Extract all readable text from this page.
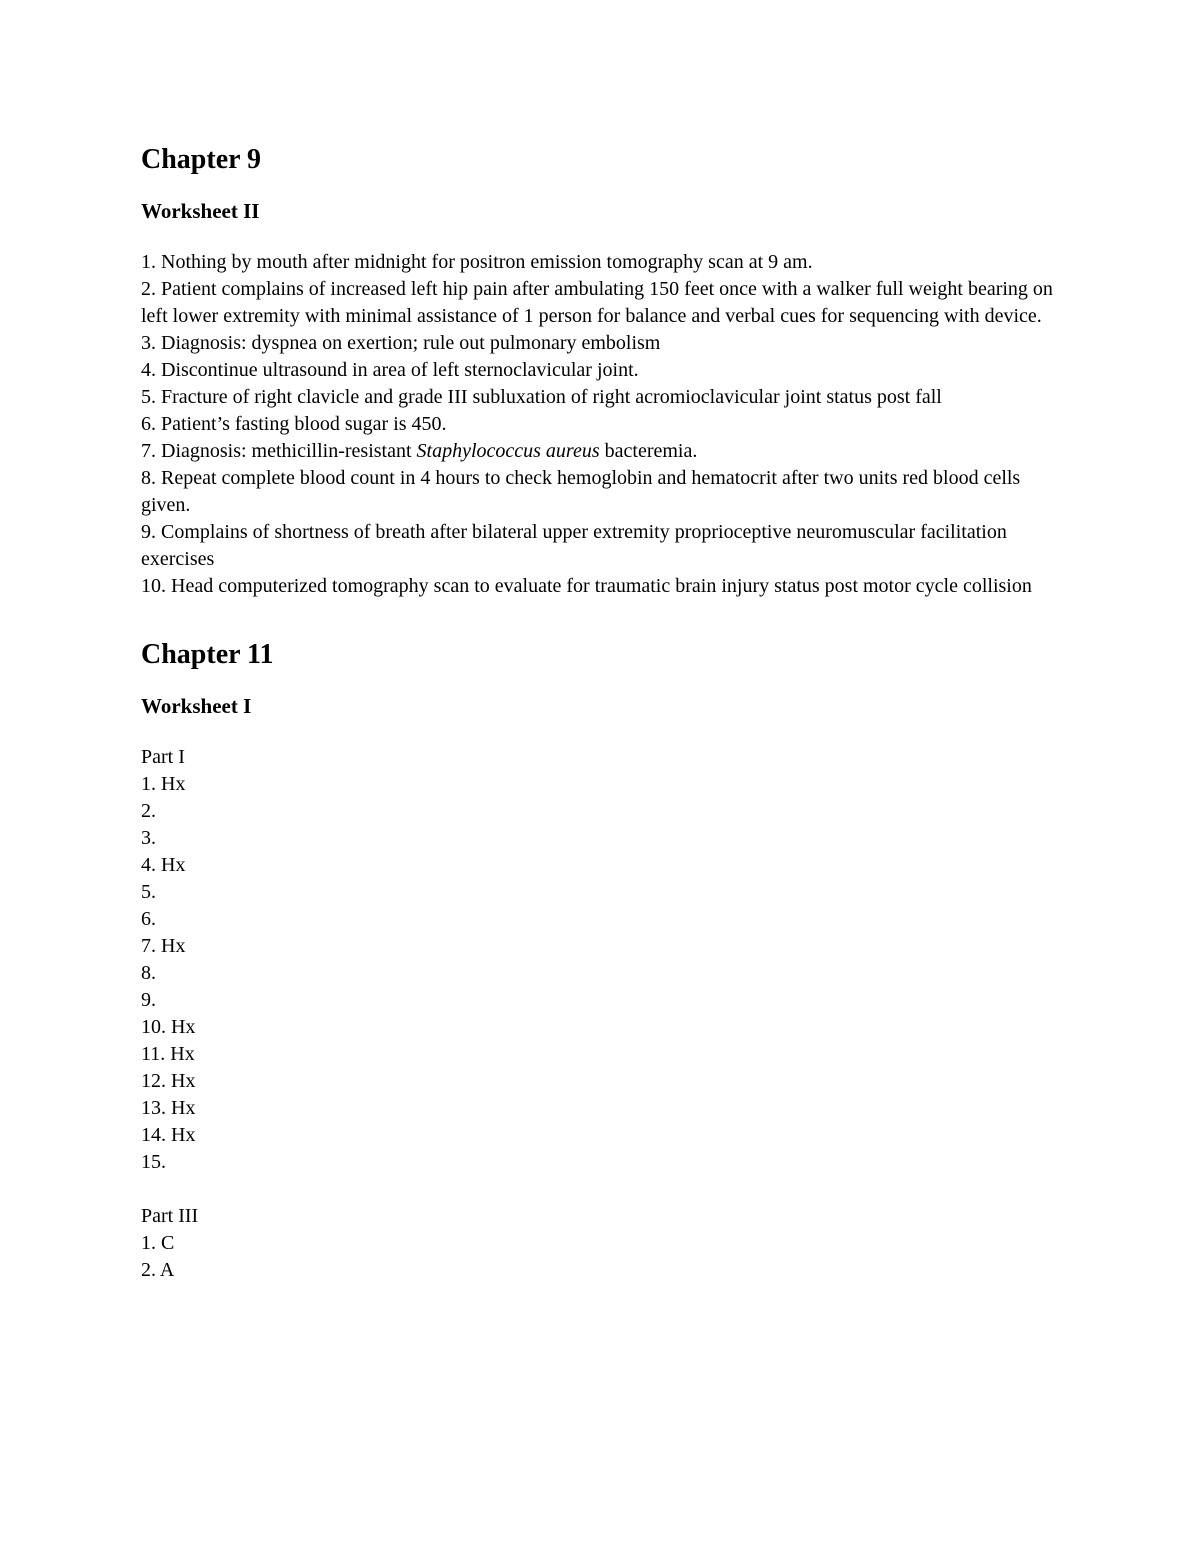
Chapter 9
Worksheet II
1. Nothing by mouth after midnight for positron emission tomography scan at 9 am.
2. Patient complains of increased left hip pain after ambulating 150 feet once with a walker full weight bearing on left lower extremity with minimal assistance of 1 person for balance and verbal cues for sequencing with device.
3. Diagnosis: dyspnea on exertion; rule out pulmonary embolism
4. Discontinue ultrasound in area of left sternoclavicular joint.
5. Fracture of right clavicle and grade III subluxation of right acromioclavicular joint status post fall
6. Patient’s fasting blood sugar is 450.
7. Diagnosis: methicillin-resistant Staphylococcus aureus bacteremia.
8. Repeat complete blood count in 4 hours to check hemoglobin and hematocrit after two units red blood cells given.
9. Complains of shortness of breath after bilateral upper extremity proprioceptive neuromuscular facilitation exercises
10. Head computerized tomography scan to evaluate for traumatic brain injury status post motor cycle collision
Chapter 11
Worksheet I
Part I
1. Hx
2.
3.
4. Hx
5.
6.
7. Hx
8.
9.
10. Hx
11. Hx
12. Hx
13. Hx
14. Hx
15.
Part III
1. C
2. A
